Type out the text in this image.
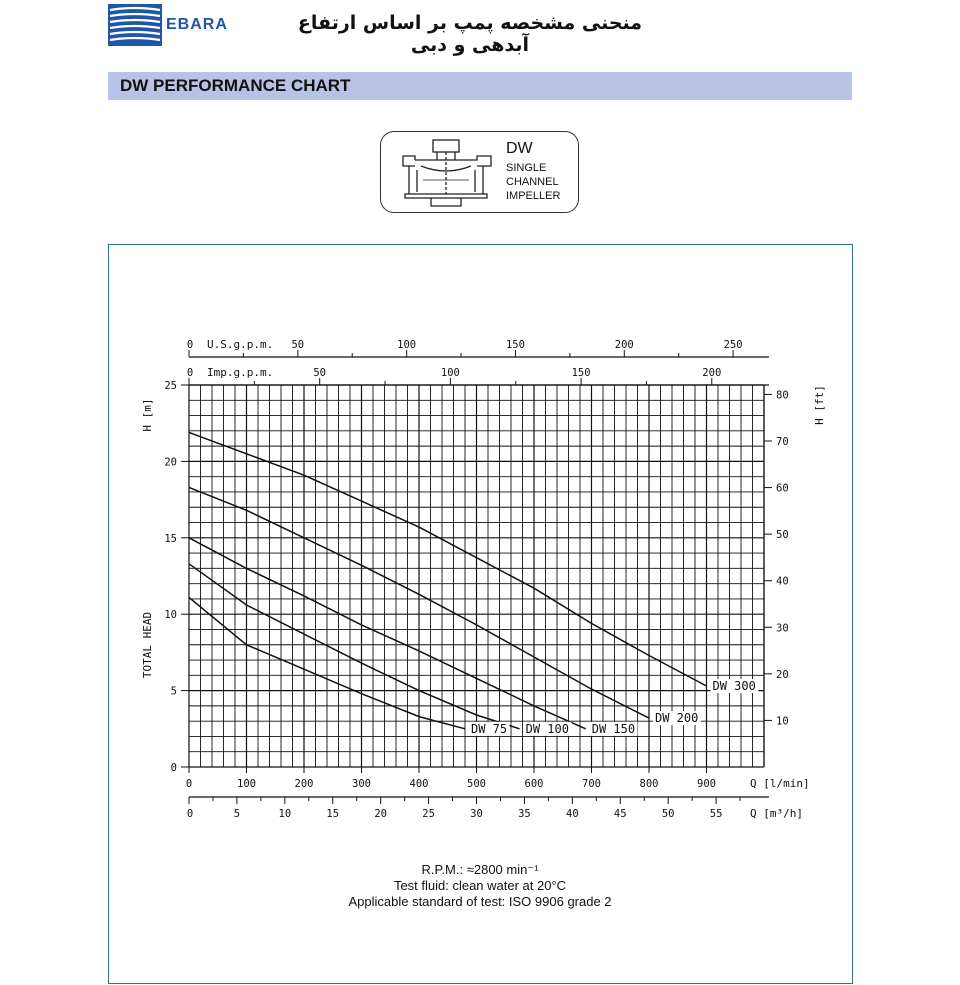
EBARA	منحنی مشخصه پمپ بر اساس ارتفاع آبدهی و دبی
DW PERFORMANCE CHART
DW
SINGLE
CHANNEL
IMPELLER
0
5
10
15
20
25
H [m]
TOTAL HEAD
10
20
30
40
50
60
70
80 H [ft]
0	100	200	300	400	500	600	700	800	900	Q [l/min]
0	5	10	15	20	25	30	35	40	45	50	55	Q [m³/h]
0	50	100	150	200	250
U.S.g.p.m.
0	50	100	150	200
Imp.g.p.m.
DW 75 DW 100 DW 150
DW 200
DW 300
R.P.M.: ≈2800 min⁻¹
Test fluid: clean water at 20°C
Applicable standard of test: ISO 9906 grade 2
